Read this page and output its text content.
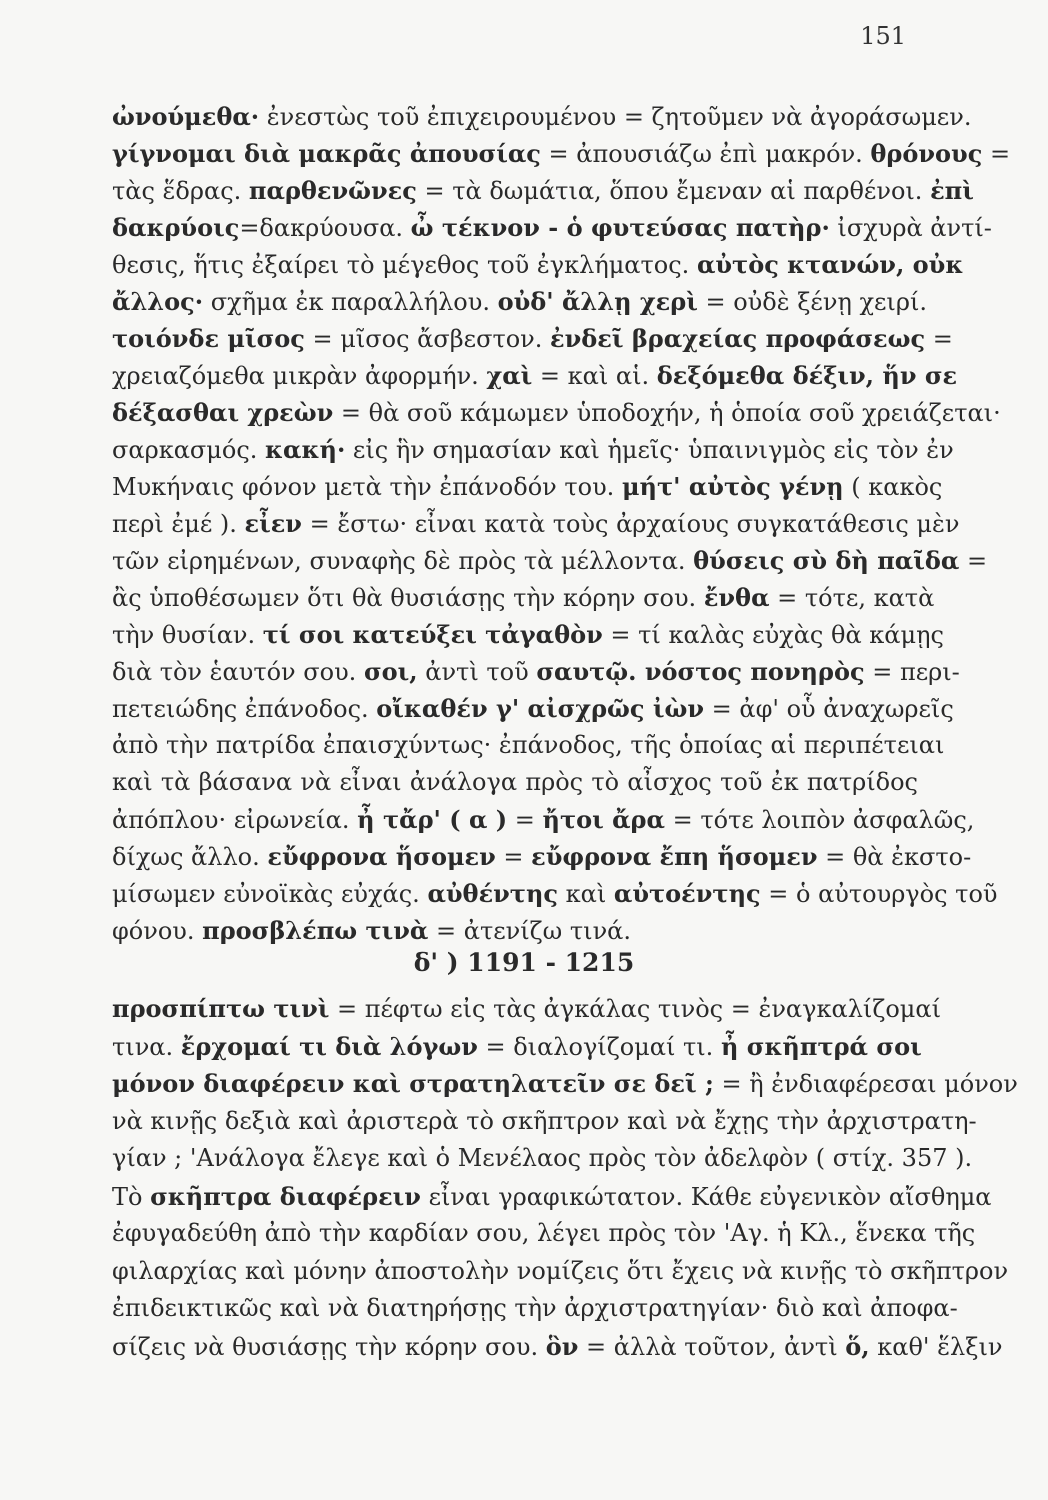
151
ὠνούμεθα· ἐνεστὼς τοῦ ἐπιχειρουμένου = ζητοῦμεν νὰ ἀγοράσωμεν.
γίγνομαι διὰ μακρᾶς ἀπουσίας = ἀπουσιάζω ἐπὶ μακρόν. θρόνους =
τὰς ἕδρας. παρθενῶνες = τὰ δωμάτια, ὅπου ἔμεναν αἱ παρθένοι. ἐπὶ
δακρύοις=δακρύουσα. ὦ τέκνον - ὁ φυτεύσας πατὴρ· ἰσχυρὰ ἀντί-
θεσις, ἥτις ἐξαίρει τὸ μέγεθος τοῦ ἐγκλήματος. αὐτὸς κτανών, οὐκ
ἄλλος· σχῆμα ἐκ παραλλήλου. οὐδ' ἄλλῃ χερὶ = οὐδὲ ξένῃ χειρί.
τοιόνδε μῖσος = μῖσος ἄσβεστον. ἐνδεῖ βραχείας προφάσεως =
χρειαζόμεθα μικρὰν ἀφορμήν. χαὶ = καὶ αἱ. δεξόμεθα δέξιν, ἥν σε
δέξασθαι χρεὼν = θὰ σοῦ κάμωμεν ὑποδοχήν, ἡ ὁποία σοῦ χρειάζεται·
σαρκασμός. κακή· εἰς ἣν σημασίαν καὶ ἡμεῖς· ὑπαινιγμὸς εἰς τὸν ἐν
Μυκήναις φόνον μετὰ τὴν ἐπάνοδόν του. μήτ' αὐτὸς γένῃ ( κακὸς
περὶ ἐμέ ). εἶεν = ἔστω· εἶναι κατὰ τοὺς ἀρχαίους συγκατάθεσις μὲν
τῶν εἰρημένων, συναφὴς δὲ πρὸς τὰ μέλλοντα. θύσεις σὺ δὴ παῖδα =
ἂς ὑποθέσωμεν ὅτι θὰ θυσιάσῃς τὴν κόρην σου. ἔνθα = τότε, κατὰ
τὴν θυσίαν. τί σοι κατεύξει τἀγαθὸν = τί καλὰς εὐχὰς θὰ κάμῃς
διὰ τὸν ἑαυτόν σου. σοι, ἀντὶ τοῦ σαυτῷ. νόστος πονηρὸς = περι-
πετειώδης ἐπάνοδος. οἴκαθέν γ' αἰσχρῶς ἰὼν = ἀφ' οὗ ἀναχωρεῖς
ἀπὸ τὴν πατρίδα ἐπαισχύντως· ἐπάνοδος, τῆς ὁποίας αἱ περιπέτειαι
καὶ τὰ βάσανα νὰ εἶναι ἀνάλογα πρὸς τὸ αἶσχος τοῦ ἐκ πατρίδος
ἀπόπλου· εἰρωνεία. ἦ τἄρ' ( α ) = ἤτοι ἄρα = τότε λοιπὸν ἀσφαλῶς,
δίχως ἄλλο. εὔφρονα ἥσομεν = εὔφρονα ἔπη ἥσομεν = θὰ ἐκστο-
μίσωμεν εὐνοϊκὰς εὐχάς. αὐθέντης καὶ αὐτοέντης = ὁ αὐτουργὸς τοῦ
φόνου. προσβλέπω τινὰ = ἀτενίζω τινά.
δ' ) 1191 - 1215
προσπίπτω τινὶ = πέφτω εἰς τὰς ἀγκάλας τινὸς = ἐναγκαλίζομαί
τινα. ἔρχομαί τι διὰ λόγων = διαλογίζομαί τι. ἦ σκῆπτρά σοι
μόνον διαφέρειν καὶ στρατηλατεῖν σε δεῖ ; = ἢ ἐνδιαφέρεσαι μόνον
νὰ κινῇς δεξιὰ καὶ ἀριστερὰ τὸ σκῆπτρον καὶ νὰ ἔχῃς τὴν ἀρχιστρατη-
γίαν ; 'Ανάλογα ἔλεγε καὶ ὁ Μενέλαος πρὸς τὸν ἀδελφὸν ( στίχ. 357 ).
Τὸ σκῆπτρα διαφέρειν εἶναι γραφικώτατον. Κάθε εὐγενικὸν αἴσθημα
ἐφυγαδεύθη ἀπὸ τὴν καρδίαν σου, λέγει πρὸς τὸν 'Αγ. ἡ Κλ., ἕνεκα τῆς
φιλαρχίας καὶ μόνην ἀποστολὴν νομίζεις ὅτι ἔχεις νὰ κινῇς τὸ σκῆπτρον
ἐπιδεικτικῶς καὶ νὰ διατηρήσῃς τὴν ἀρχιστρατηγίαν· διὸ καὶ ἀποφα-
σίζεις νὰ θυσιάσῃς τὴν κόρην σου. ὃν = ἀλλὰ τοῦτον, ἀντὶ ὅ, καθ' ἕλξιν
